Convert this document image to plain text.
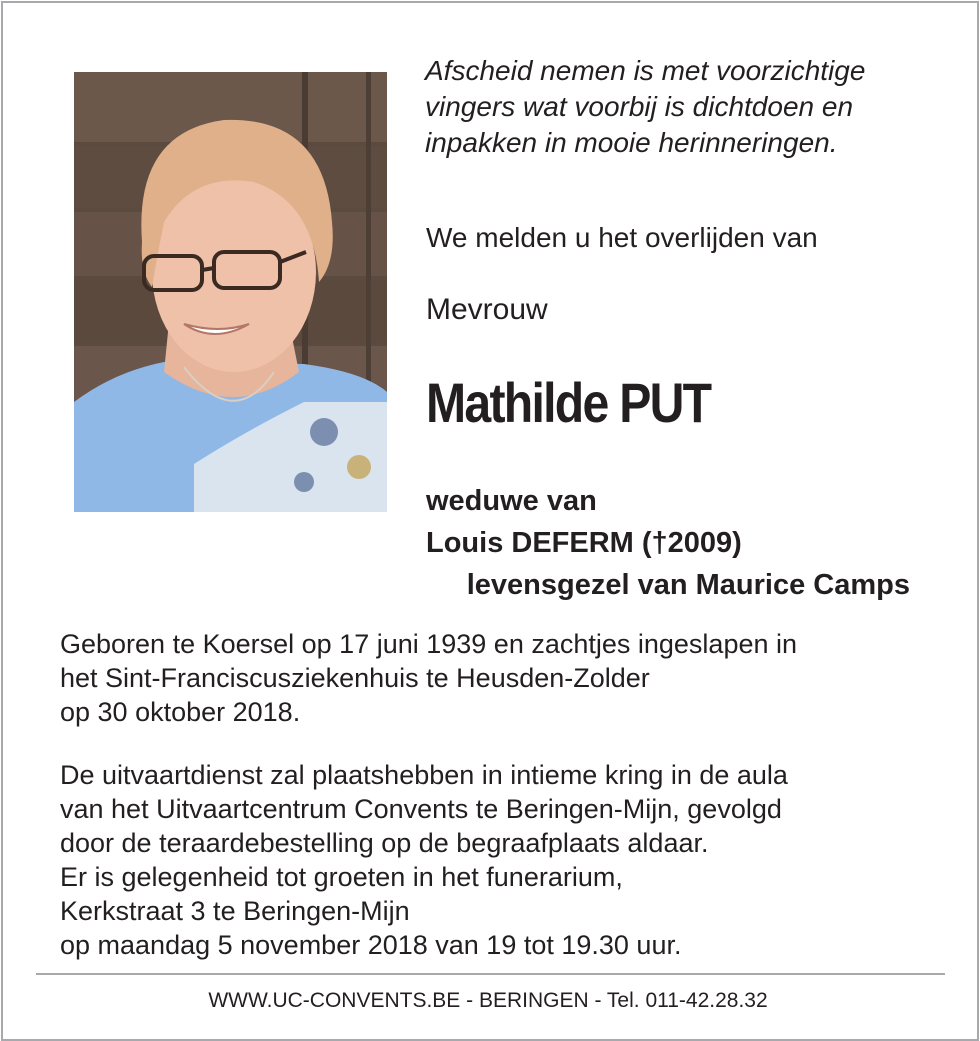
Afscheid nemen is met voorzichtige
vingers wat voorbij is dichtdoen en
inpakken in mooie herinneringen.

We melden u het overlijden van

Mevrouw

Mathilde PUT

weduwe van
Louis DEFERM (†2009)
levensgezel van Maurice Camps

Geboren te Koersel op 17 juni 1939 en zachtjes ingeslapen in
het Sint-Franciscusziekenhuis te Heusden-Zolder
op 30 oktober 2018.

De uitvaartdienst zal plaatshebben in intieme kring in de aula
van het Uitvaartcentrum Convents te Beringen-Mijn, gevolgd
door de teraardebestelling op de begraafplaats aldaar.
Er is gelegenheid tot groeten in het funerarium,
Kerkstraat 3 te Beringen-Mijn
op maandag 5 november 2018 van 19 tot 19.30 uur.

WWW.UC-CONVENTS.BE - BERINGEN - Tel. 011-42.28.32
